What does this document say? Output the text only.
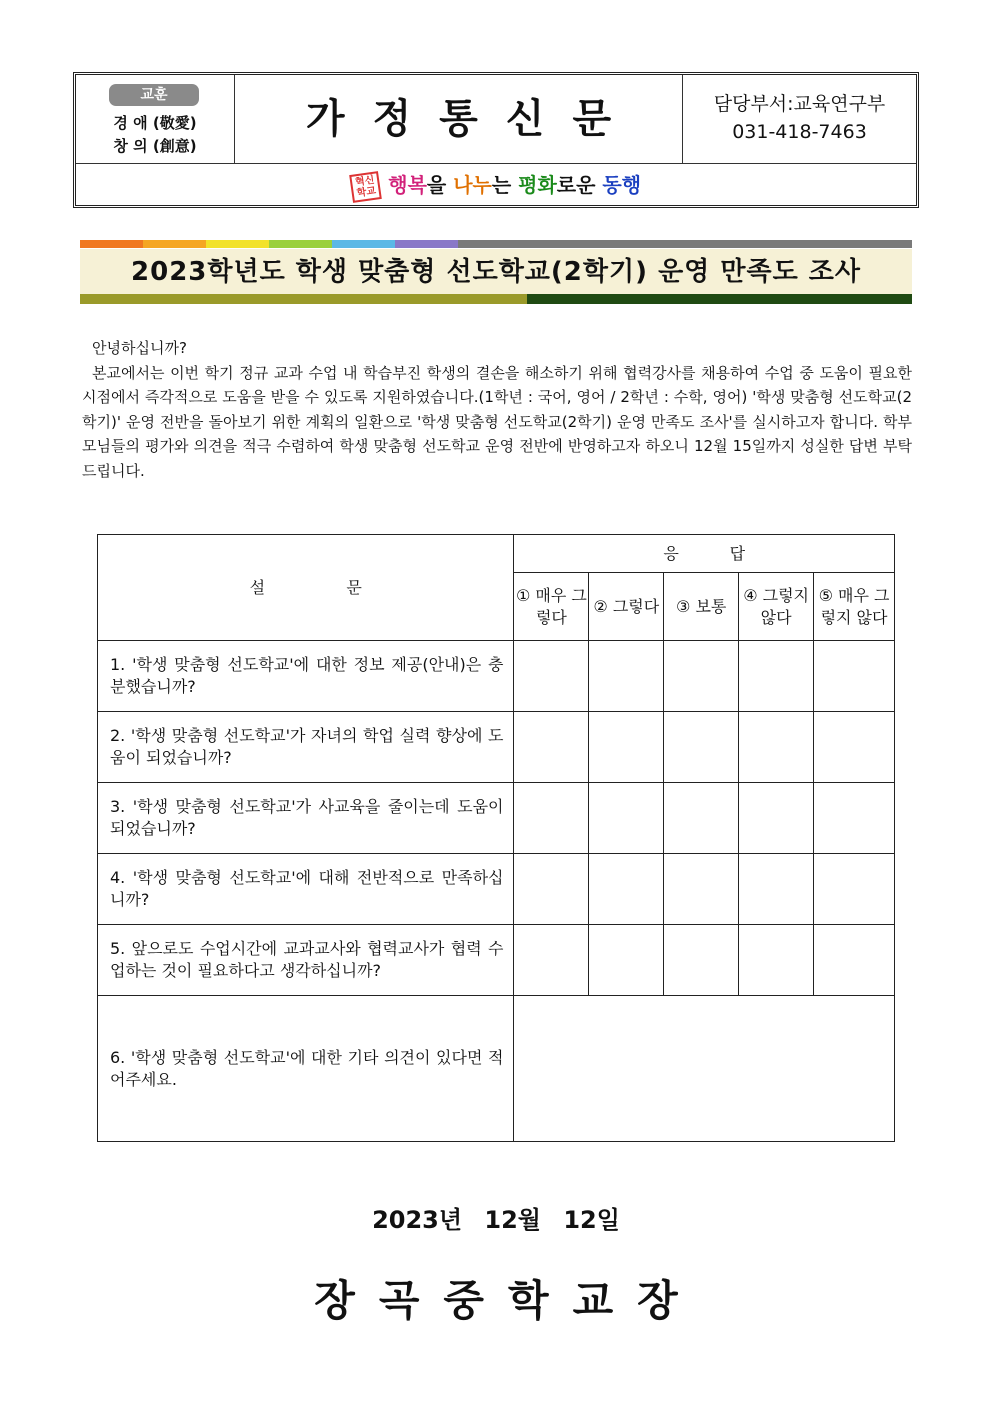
교훈
경 애 (敬愛)
창 의 (創意)
가정통신문	담당부서:교육연구부
031-418-7463
혁신
학교 행복을 나누는 평화로운 동행
2023학년도 학생 맞춤형 선도학교(2학기) 운영 만족도 조사

안녕하십니까?

본교에서는 이번 학기 정규 교과 수업 내 학습부진 학생의 결손을 해소하기 위해 협력강사를 채용하여 수업 중 도움이 필요한 시점에서 즉각적으로 도움을 받을 수 있도록 지원하였습니다.(1학년 : 국어, 영어 / 2학년 : 수학, 영어) '학생 맞춤형 선도학교(2학기)' 운영 전반을 돌아보기 위한 계획의 일환으로 '학생 맞춤형 선도학교(2학기) 운영 만족도 조사'를 실시하고자 합니다. 학부모님들의 평가와 의견을 적극 수렴하여 학생 맞춤형 선도학교 운영 전반에 반영하고자 하오니 12월 15일까지 성실한 답변 부탁드립니다.

설                문	응          답				
	① 매우 그렇다	② 그렇다	③ 보통	④ 그렇지 않다	⑤ 매우 그렇지 않다
1. '학생 맞춤형 선도학교'에 대한 정보 제공(안내)은 충분했습니까?					
2. '학생 맞춤형 선도학교'가 자녀의 학업 실력 향상에 도움이 되었습니까?					
3. '학생 맞춤형 선도학교'가 사교육을 줄이는데 도움이 되었습니까?					
4. '학생 맞춤형 선도학교'에 대해 전반적으로 만족하십니까?					
5. 앞으로도 수업시간에 교과교사와 협력교사가 협력 수업하는 것이 필요하다고 생각하십니까?					
6. '학생 맞춤형 선도학교'에 대한 기타 의견이 있다면 적어주세요.					
2023년 12월 12일
장곡중학교장
